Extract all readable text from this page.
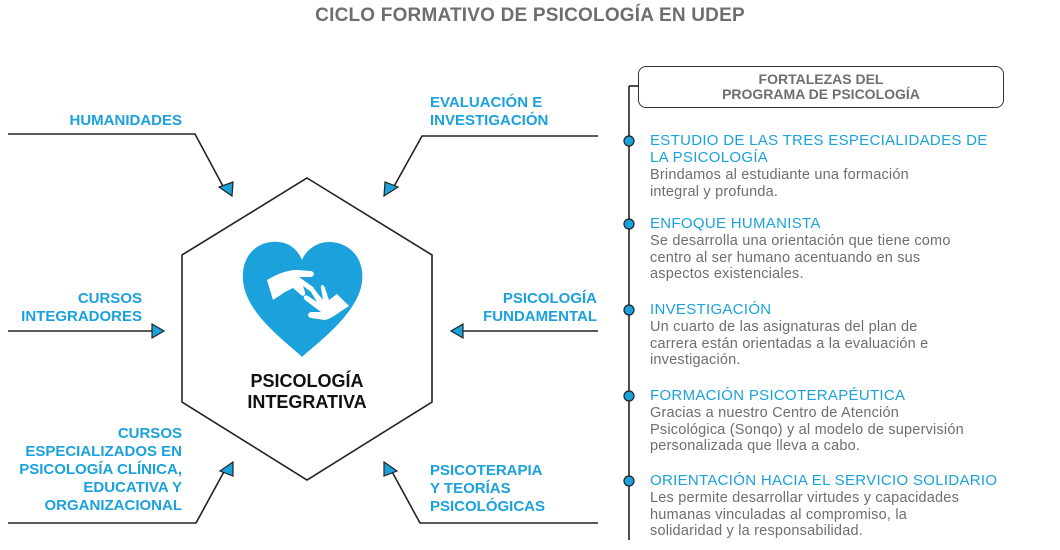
CICLO FORMATIVO DE PSICOLOGÍA EN UDEP
PSICOLOGÍA
INTEGRATIVA
HUMANIDADES
EVALUACIÓN E
INVESTIGACIÓN
CURSOS
INTEGRADORES
PSICOLOGÍA
FUNDAMENTAL
CURSOS
ESPECIALIZADOS EN
PSICOLOGÍA CLÍNICA,
EDUCATIVA Y
ORGANIZACIONAL
PSICOTERAPIA
Y TEORÍAS
PSICOLÓGICAS
FORTALEZAS DEL
PROGRAMA DE PSICOLOGÍA
ESTUDIO DE LAS TRES ESPECIALIDADES DE
LA PSICOLOGÍA
Brindamos al estudiante una formación
integral y profunda.
ENFOQUE HUMANISTA
Se desarrolla una orientación que tiene como
centro al ser humano acentuando en sus
aspectos existenciales.
INVESTIGACIÓN
Un cuarto de las asignaturas del plan de
carrera están orientadas a la evaluación e
investigación.
FORMACIÓN PSICOTERAPÉUTICA
Gracias a nuestro Centro de Atención
Psicológica (Sonqo) y al modelo de supervisión
personalizada que lleva a cabo.
ORIENTACIÓN HACIA EL SERVICIO SOLIDARIO
Les permite desarrollar virtudes y capacidades
humanas vinculadas al compromiso, la
solidaridad y la responsabilidad.
